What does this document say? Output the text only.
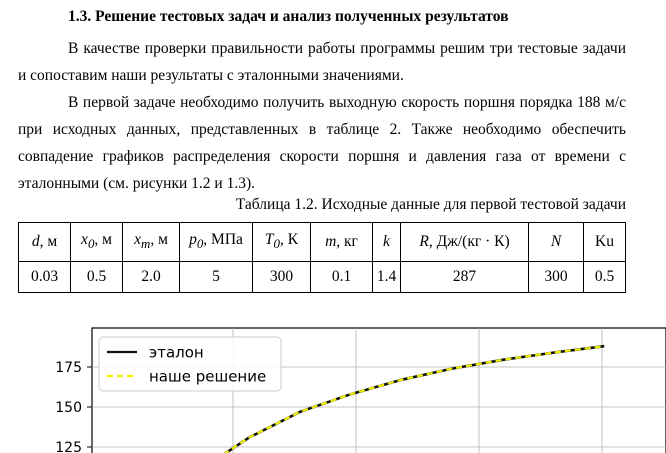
1.3. Решение тестовых задач и анализ полученных результатов
В качестве проверки правильности работы программы решим три тестовые задачи и сопоставим наши результаты с эталонными значениями.
В первой задаче необходимо получить выходную скорость поршня порядка 188 м/с при исходных данных, представленных в таблице 2. Также необходимо обеспечить совпадение графиков распределения скорости поршня и давления газа от времени с эталонными (см. рисунки 1.2 и 1.3).
Таблица 1.2. Исходные данные для первой тестовой задачи
d, м	$x_0$, м	$x_m$, м	$p_0$, МПа	$T_0$, К	m, кг	k	R, Дж/(кг · К)	N	Ku
0.03	0.5	2.0	5	300	0.1	1.4	287	300	0.5
125
150
175
эталон
наше решение
